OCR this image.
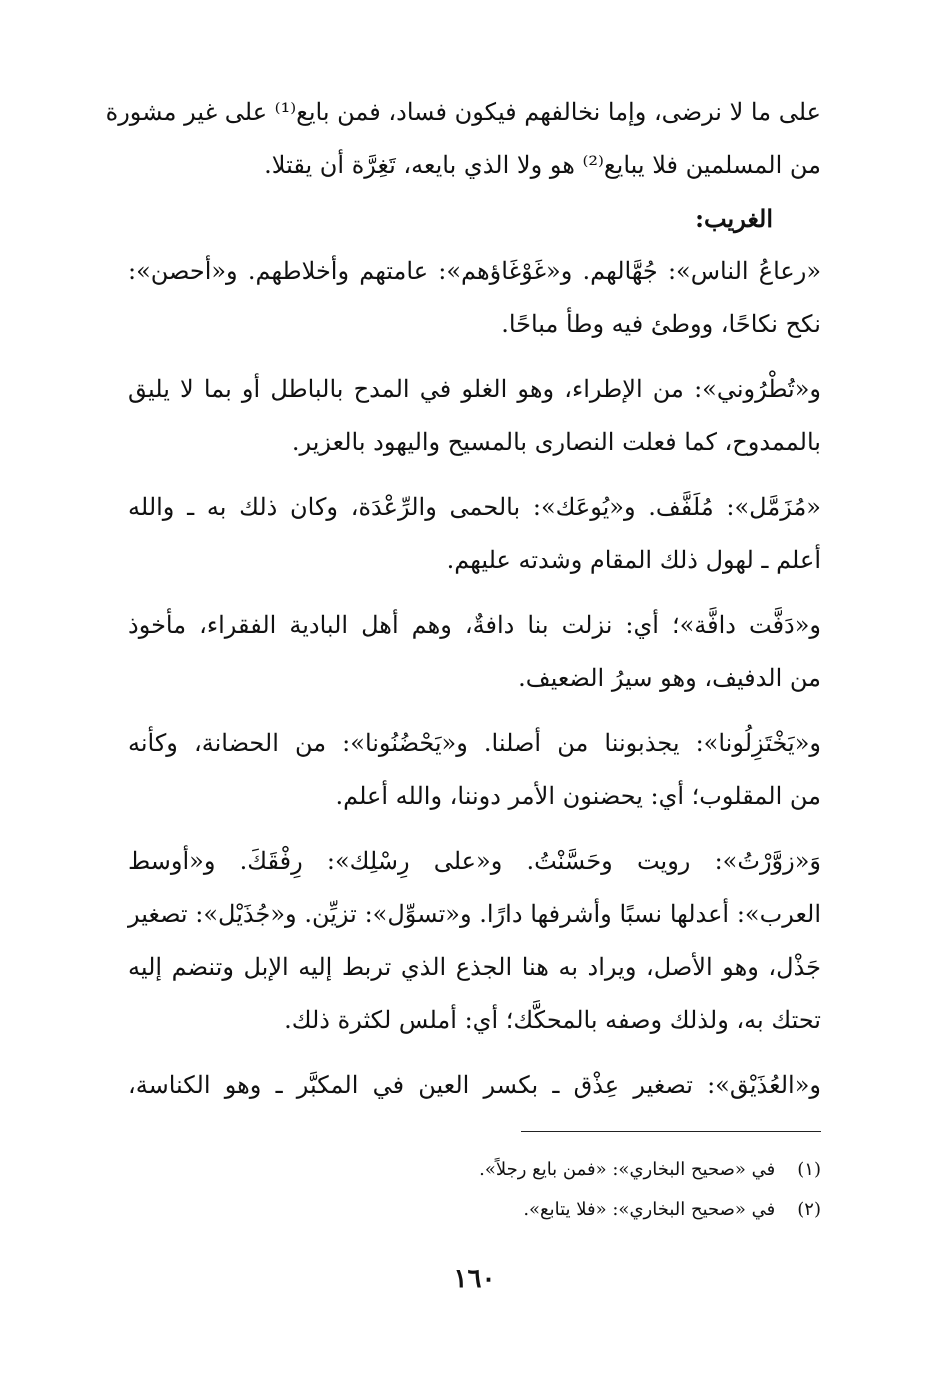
على ما لا نرضى، وإما نخالفهم فيكون فساد، فمن بايع⁽¹⁾ على غير مشورة
من المسلمين فلا يبايع⁽²⁾ هو ولا الذي بايعه، تَغِرَّة أن يقتلا.
الغريب:
«رعاعُ الناس»: جُهَّالهم. و«غَوْغَاؤهم»: عامتهم وأخلاطهم. و«أحصن»:
نكح نكاحًا، ووطئ فيه وطأ مباحًا.
و«تُطْرُوني»: من الإطراء، وهو الغلو في المدح بالباطل أو بما لا يليق
بالممدوح، كما فعلت النصارى بالمسيح واليهود بالعزير.
«مُزَمَّل»: مُلَفَّف. و«يُوعَك»: بالحمى والرِّعْدَة، وكان ذلك به ـ والله
أعلم ـ لهول ذلك المقام وشدته عليهم.
و«دَفَّت دافَّة»؛ أي: نزلت بنا دافةٌ، وهم أهل البادية الفقراء، مأخوذ
من الدفيف، وهو سيرُ الضعيف.
و«يَخْتَزِلُونا»: يجذبوننا من أصلنا. و«يَحْضُنُونا»: من الحضانة، وكأنه
من المقلوب؛ أي: يحضنون الأمر دوننا، والله أعلم.
وَ«زوَّرْتُ»: رويت وحَسَّنْتُ. و«على رِسْلِك»: رِفْقَكَ. و«أوسط
العرب»: أعدلها نسبًا وأشرفها دارًا. و«تسوِّل»: تزيِّن. و«جُذَيْل»: تصغير
جَذْل، وهو الأصل، ويراد به هنا الجذع الذي تربط إليه الإبل وتنضم إليه
تحتك به، ولذلك وصفه بالمحكَّك؛ أي: أملس لكثرة ذلك.
و«العُذَيْق»: تصغير عِذْق ـ بكسر العين في المكبَّر ـ وهو الكناسة،
(١) في «صحيح البخاري»: «فمن بايع رجلاً».
(٢) في «صحيح البخاري»: «فلا يتابع».
١٦٠
